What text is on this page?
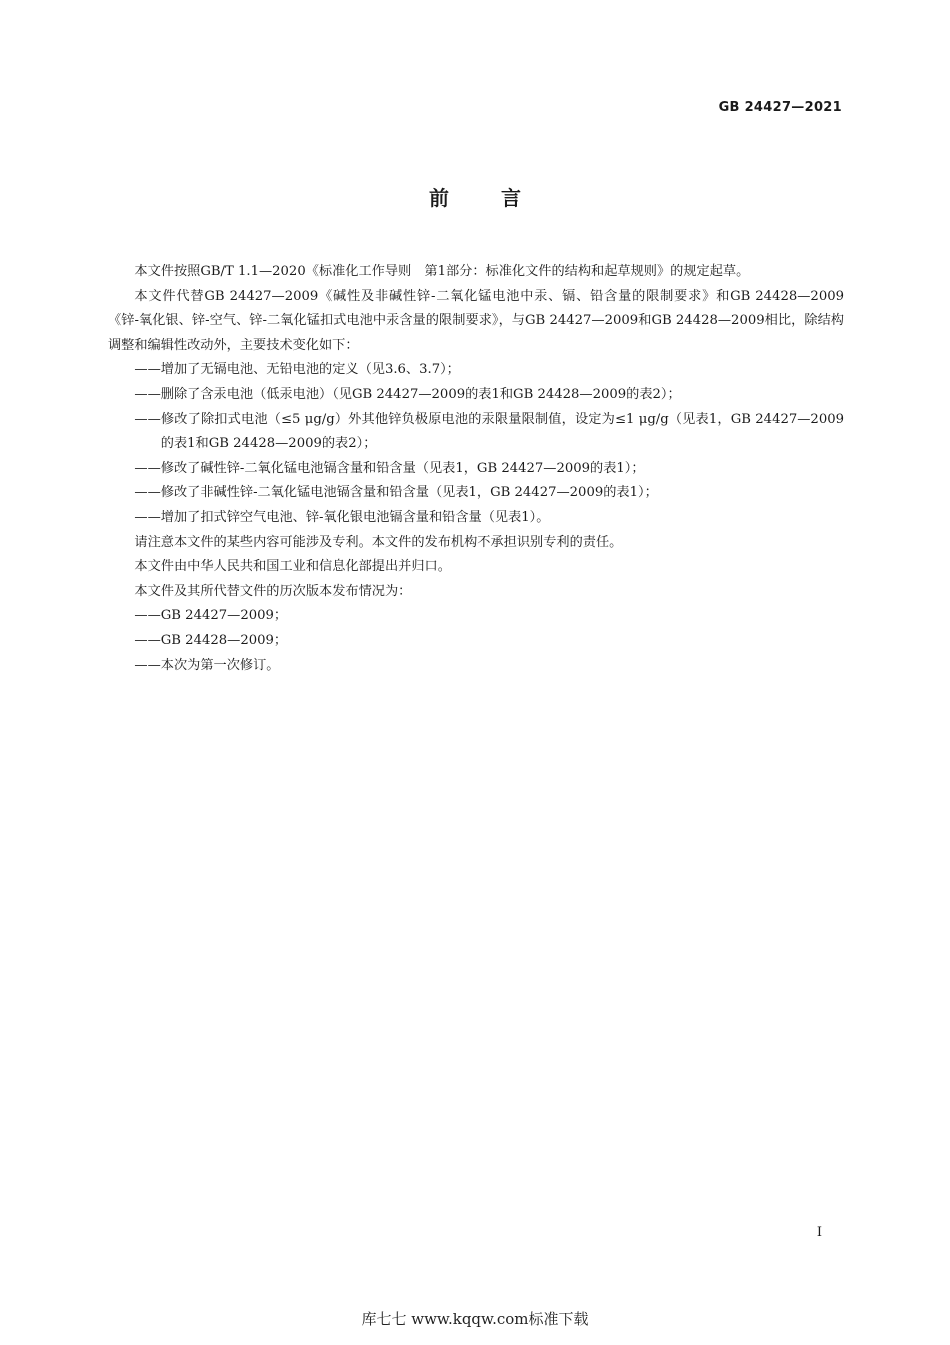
GB 24427—2021
前言

本文件按照GB/T 1.1—2020《标准化工作导则　第1部分：标准化文件的结构和起草规则》的规定起草。

本文件代替GB 24427—2009《碱性及非碱性锌-二氧化锰电池中汞、镉、铅含量的限制要求》和GB 24428—2009《锌-氧化银、锌-空气、锌-二氧化锰扣式电池中汞含量的限制要求》，与GB 24427—2009和GB 24428—2009相比，除结构调整和编辑性改动外，主要技术变化如下：

——增加了无镉电池、无铅电池的定义（见3.6、3.7）；

——删除了含汞电池（低汞电池）（见GB 24427—2009的表1和GB 24428—2009的表2）；

——修改了除扣式电池（≤5 μg/g）外其他锌负极原电池的汞限量限制值，设定为≤1 μg/g（见表1，GB 24427—2009的表1和GB 24428—2009的表2）；

——修改了碱性锌-二氧化锰电池镉含量和铅含量（见表1，GB 24427—2009的表1）；

——修改了非碱性锌-二氧化锰电池镉含量和铅含量（见表1，GB 24427—2009的表1）；

——增加了扣式锌空气电池、锌-氧化银电池镉含量和铅含量（见表1）。

请注意本文件的某些内容可能涉及专利。本文件的发布机构不承担识别专利的责任。

本文件由中华人民共和国工业和信息化部提出并归口。

本文件及其所代替文件的历次版本发布情况为：

——GB 24427—2009；

——GB 24428—2009；

——本次为第一次修订。

I
库七七 www.kqqw.com标准下载
